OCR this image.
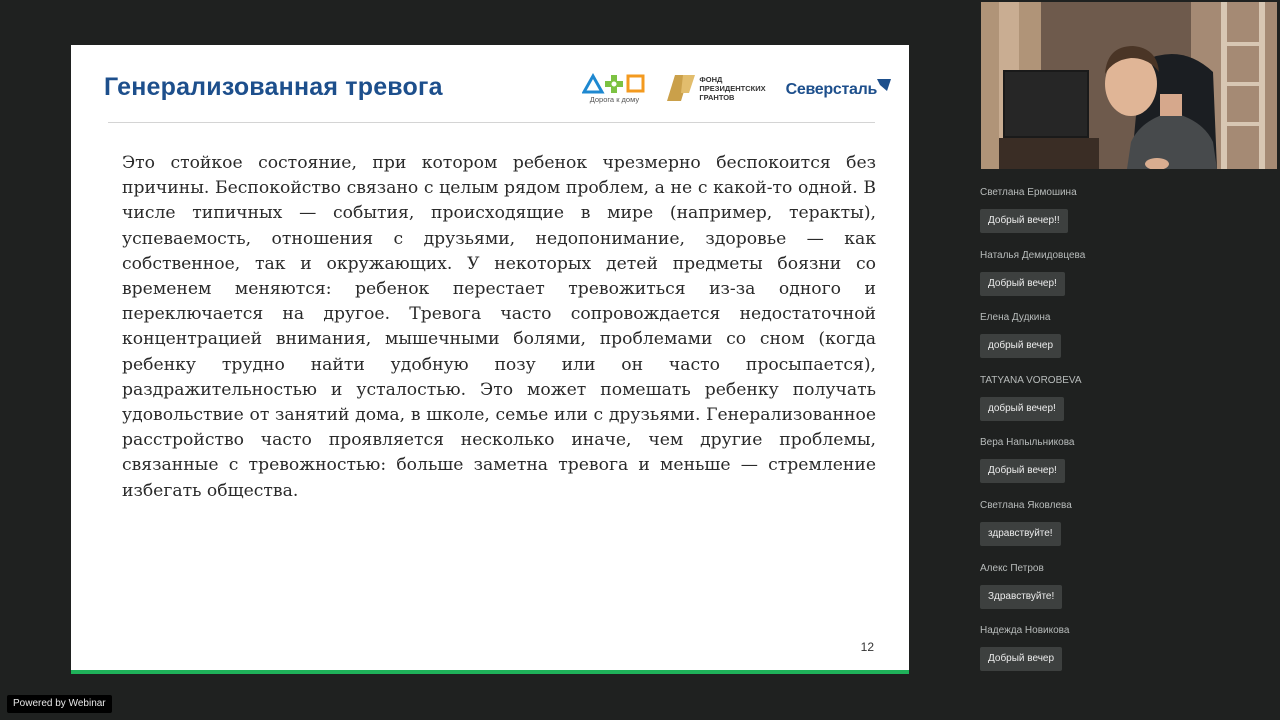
Генерализованная тревога	Дорога к дому
ФОНД
ПРЕЗИДЕНТСКИХ
ГРАНТОВ	Северсталь
Это стойкое состояние, при котором ребенок чрезмерно беспокоится без причины. Беспокойство связано с целым рядом проблем, а не с какой-то одной. В числе типичных — события, происходящие в мире (например, теракты), успеваемость, отношения с друзьями, недопонимание, здоровье — как собственное, так и окружающих. У некоторых детей предметы боязни со временем меняются: ребенок перестает тревожиться из-за одного и переключается на другое. Тревога часто сопровождается недостаточной концентрацией внимания, мышечными болями, проблемами со сном (когда ребенку трудно найти удобную позу или он часто просыпается), раздражительностью и усталостью. Это может помешать ребенку получать удовольствие от занятий дома, в школе, семье или с друзьями. Генерализованное расстройство часто проявляется несколько иначе, чем другие проблемы, связанные с тревожностью: больше заметна тревога и меньше — стремление избегать общества.
12
Светлана Ермошина
Добрый вечер!!
Наталья Демидовцева
Добрый вечер!
Елена Дудкина
добрый вечер
TATYANA VOROBEVA
добрый вечер!
Вера Напыльникова
Добрый вечер!
Светлана Яковлева
здравствуйте!
Алекс Петров
Здравствуйте!
Надежда Новикова
Добрый вечер
Powered by Webinar
